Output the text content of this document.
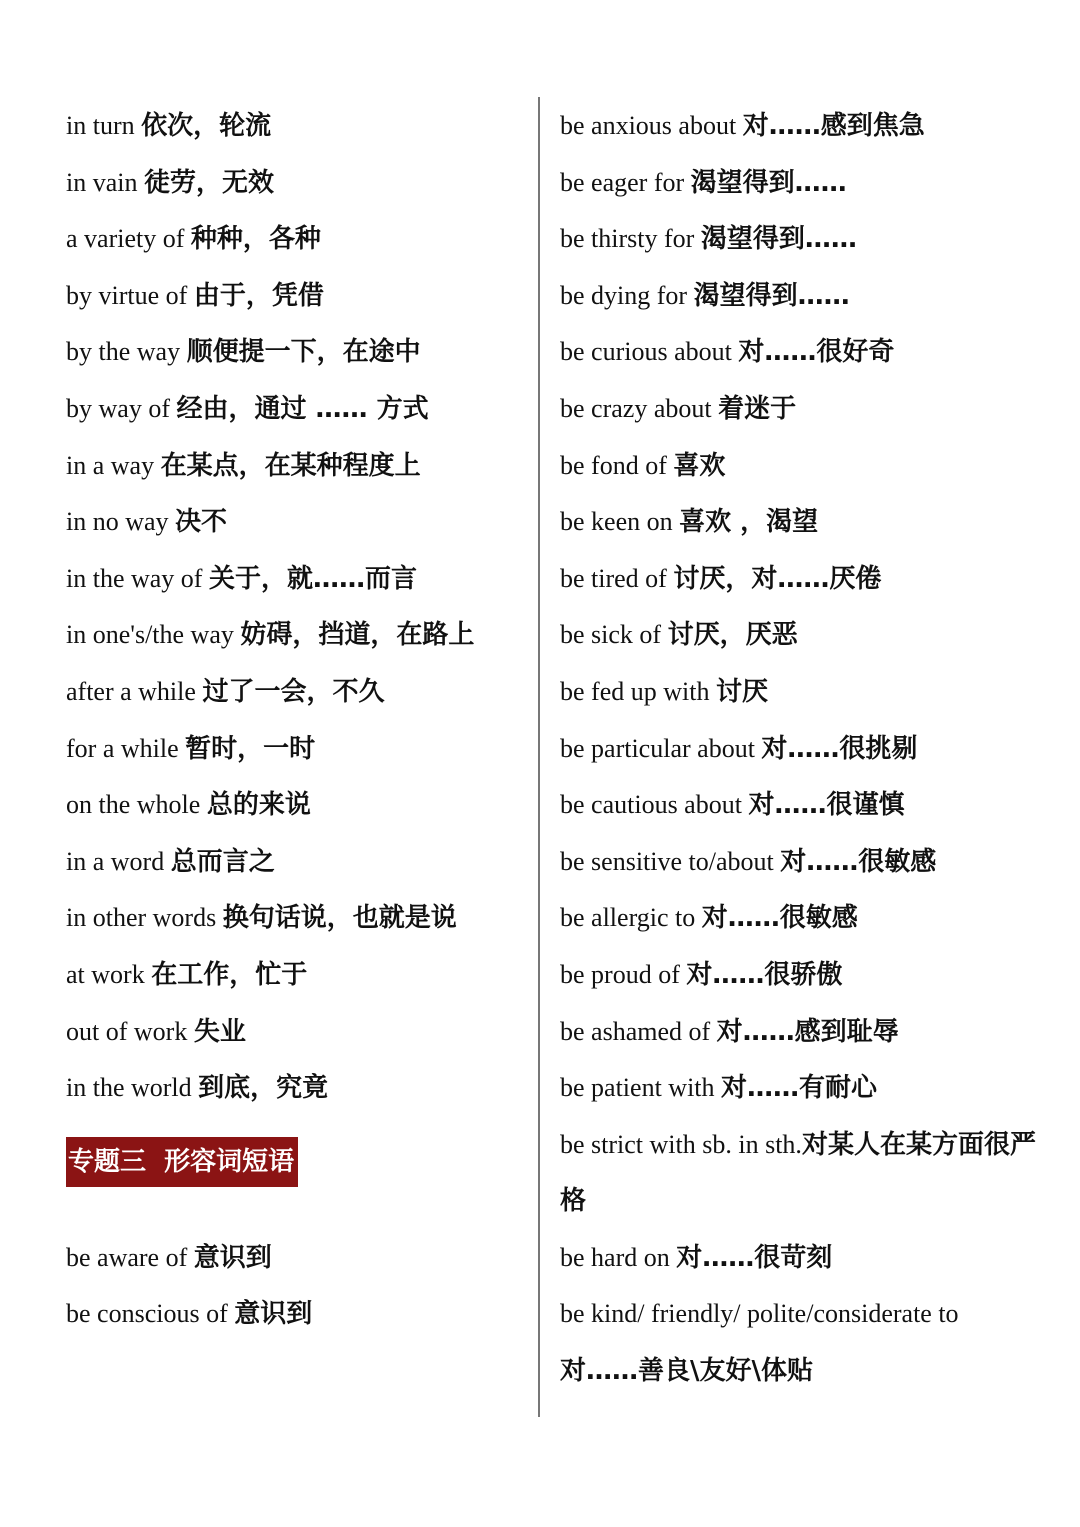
in turn 依次，轮流
in vain 徒劳，无效
a variety of 种种，各种
by virtue of 由于，凭借
by the way 顺便提一下，在途中
by way of 经由，通过 …… 方式
in a way 在某点，在某种程度上
in no way 决不
in the way of 关于，就……而言
in one's/the way 妨碍，挡道，在路上
after a while 过了一会，不久
for a while 暂时，一时
on the whole 总的来说
in a word 总而言之
in other words 换句话说，也就是说
at work 在工作，忙于
out of work 失业
in the world 到底，究竟
专题三  形容词短语
be aware of 意识到
be conscious of 意识到
be anxious about 对……感到焦急
be eager for 渴望得到……
be thirsty for 渴望得到……
be dying for 渴望得到……
be curious about 对……很好奇
be crazy about 着迷于
be fond of 喜欢
be keen on 喜欢 ，渴望
be tired of 讨厌，对……厌倦
be sick of 讨厌，厌恶
be fed up with 讨厌
be particular about 对……很挑剔
be cautious about 对……很谨慎
be sensitive to/about 对……很敏感
be allergic to 对……很敏感
be proud of 对……很骄傲
be ashamed of 对……感到耻辱
be patient with 对……有耐心
be strict with sb. in sth.对某人在某方面很严格
be hard on 对……很苛刻
be kind/ friendly/ polite/considerate to 对……善良\友好\体贴
